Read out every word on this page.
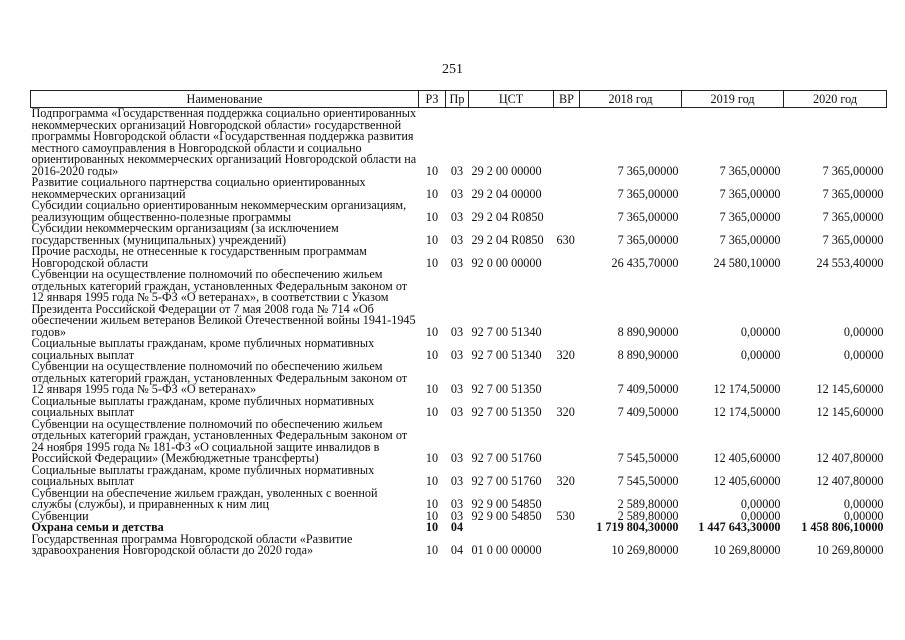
251
Наименование	РЗ	Пр	ЦСТ	ВР	2018 год	2019 год	2020 год
Подпрограмма «Государственная поддержка социально ориентированных некоммерческих организаций Новгородской области» государственной программы Новгородской области «Государственная поддержка развития местного самоуправления в Новгородской области и социально ориентированных некоммерческих организаций Новгородской области на 2016-2020 годы»	10	03	29 2 00 00000		7 365,00000	7 365,00000	7 365,00000
Развитие социального партнерства социально ориентированных некоммерческих организаций	10	03	29 2 04 00000		7 365,00000	7 365,00000	7 365,00000
Субсидии социально ориентированным некоммерческим организациям, реализующим общественно-полезные программы	10	03	29 2 04 R0850		7 365,00000	7 365,00000	7 365,00000
Субсидии некоммерческим организациям (за исключением государственных (муниципальных) учреждений)	10	03	29 2 04 R0850	630	7 365,00000	7 365,00000	7 365,00000
Прочие расходы, не отнесенные к государственным программам Новгородской области	10	03	92 0 00 00000		26 435,70000	24 580,10000	24 553,40000
Субвенции на осуществление полномочий по обеспечению жильем отдельных категорий граждан, установленных Федеральным законом от 12 января 1995 года № 5-ФЗ «О ветеранах», в соответствии с Указом Президента Российской Федерации от 7 мая 2008 года № 714 «Об обеспечении жильем ветеранов Великой Отечественной войны 1941-1945 годов»	10	03	92 7 00 51340		8 890,90000	0,00000	0,00000
Социальные выплаты гражданам, кроме публичных нормативных социальных выплат	10	03	92 7 00 51340	320	8 890,90000	0,00000	0,00000
Субвенции на осуществление полномочий по обеспечению жильем отдельных категорий граждан, установленных Федеральным законом от 12 января 1995 года № 5-ФЗ «О ветеранах»	10	03	92 7 00 51350		7 409,50000	12 174,50000	12 145,60000
Социальные выплаты гражданам, кроме публичных нормативных социальных выплат	10	03	92 7 00 51350	320	7 409,50000	12 174,50000	12 145,60000
Субвенции на осуществление полномочий по обеспечению жильем отдельных категорий граждан, установленных Федеральным законом от 24 ноября 1995 года № 181-ФЗ «О социальной защите инвалидов в Российской Федерации» (Межбюджетные трансферты)	10	03	92 7 00 51760		7 545,50000	12 405,60000	12 407,80000
Социальные выплаты гражданам, кроме публичных нормативных социальных выплат	10	03	92 7 00 51760	320	7 545,50000	12 405,60000	12 407,80000
Субвенции на обеспечение жильем граждан, уволенных с военной службы (службы), и приравненных к ним лиц	10	03	92 9 00 54850		2 589,80000	0,00000	0,00000
Субвенции	10	03	92 9 00 54850	530	2 589,80000	0,00000	0,00000
Охрана семьи и детства	10	04			1 719 804,30000	1 447 643,30000	1 458 806,10000
Государственная программа Новгородской области «Развитие здравоохранения Новгородской области до 2020 года»	10	04	01 0 00 00000		10 269,80000	10 269,80000	10 269,80000
